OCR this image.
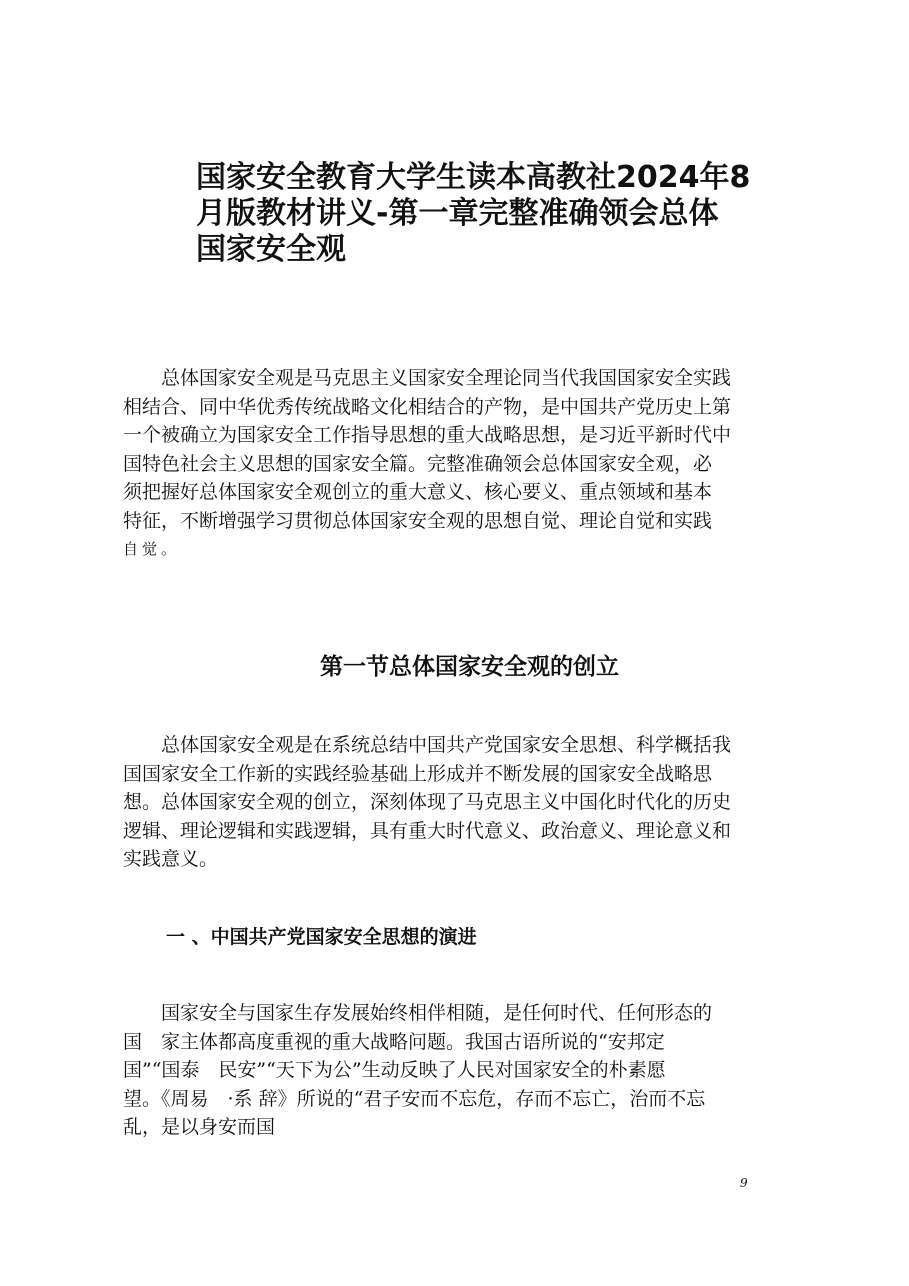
国家安全教育大学生读本高教社2024年8
月版教材讲义-第一章完整准确领会总体
国家安全观
　　总体国家安全观是马克思主义国家安全理论同当代我国国家安全实践
相结合、同中华优秀传统战略文化相结合的产物，是中国共产党历史上第
一个被确立为国家安全工作指导思想的重大战略思想，是习近平新时代中
国特色社会主义思想的国家安全篇。完整准确领会总体国家安全观，必
须把握好总体国家安全观创立的重大意义、核心要义、重点领域和基本
特征，不断增强学习贯彻总体国家安全观的思想自觉、理论自觉和实践
自觉。
第一节总体国家安全观的创立
　　总体国家安全观是在系统总结中国共产党国家安全思想、科学概括我
国国家安全工作新的实践经验基础上形成并不断发展的国家安全战略思
想。总体国家安全观的创立，深刻体现了马克思主义中国化时代化的历史
逻辑、理论逻辑和实践逻辑，具有重大时代意义、政治意义、理论意义和
实践意义。
一 、中国共产党国家安全思想的演进
　　国家安全与国家生存发展始终相伴相随，是任何时代、任何形态的
国　家主体都高度重视的重大战略问题。我国古语所说的“安邦定
国”“国泰　民安”“天下为公”生动反映了人民对国家安全的朴素愿
望。《周易　·系 辞》所说的“君子安而不忘危，存而不忘亡，治而不忘
乱，是以身安而国
9
